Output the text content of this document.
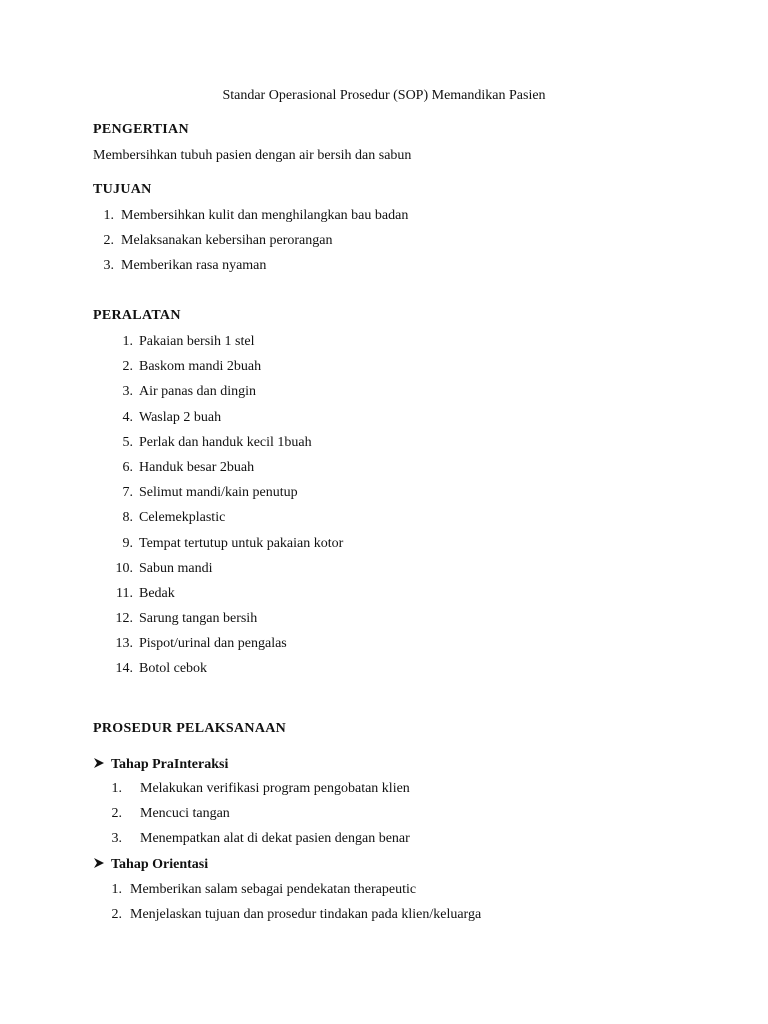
Standar Operasional Prosedur (SOP) Memandikan Pasien
PENGERTIAN
Membersihkan tubuh pasien dengan air bersih dan sabun
TUJUAN
1. Membersihkan kulit dan menghilangkan bau badan
2. Melaksanakan kebersihan perorangan
3. Memberikan rasa nyaman
PERALATAN
1. Pakaian bersih 1 stel
2. Baskom mandi 2buah
3. Air panas dan dingin
4. Waslap 2 buah
5. Perlak dan handuk kecil 1buah
6. Handuk besar 2buah
7. Selimut mandi/kain penutup
8. Celemekplastic
9. Tempat tertutup untuk pakaian kotor
10. Sabun mandi
11. Bedak
12. Sarung tangan bersih
13. Pispot/urinal dan pengalas
14. Botol cebok
PROSEDUR PELAKSANAAN
Tahap PraInteraksi
1. Melakukan verifikasi program pengobatan klien
2. Mencuci tangan
3. Menempatkan alat di dekat pasien dengan benar
Tahap Orientasi
1. Memberikan salam sebagai pendekatan therapeutic
2. Menjelaskan tujuan dan prosedur tindakan pada klien/keluarga
